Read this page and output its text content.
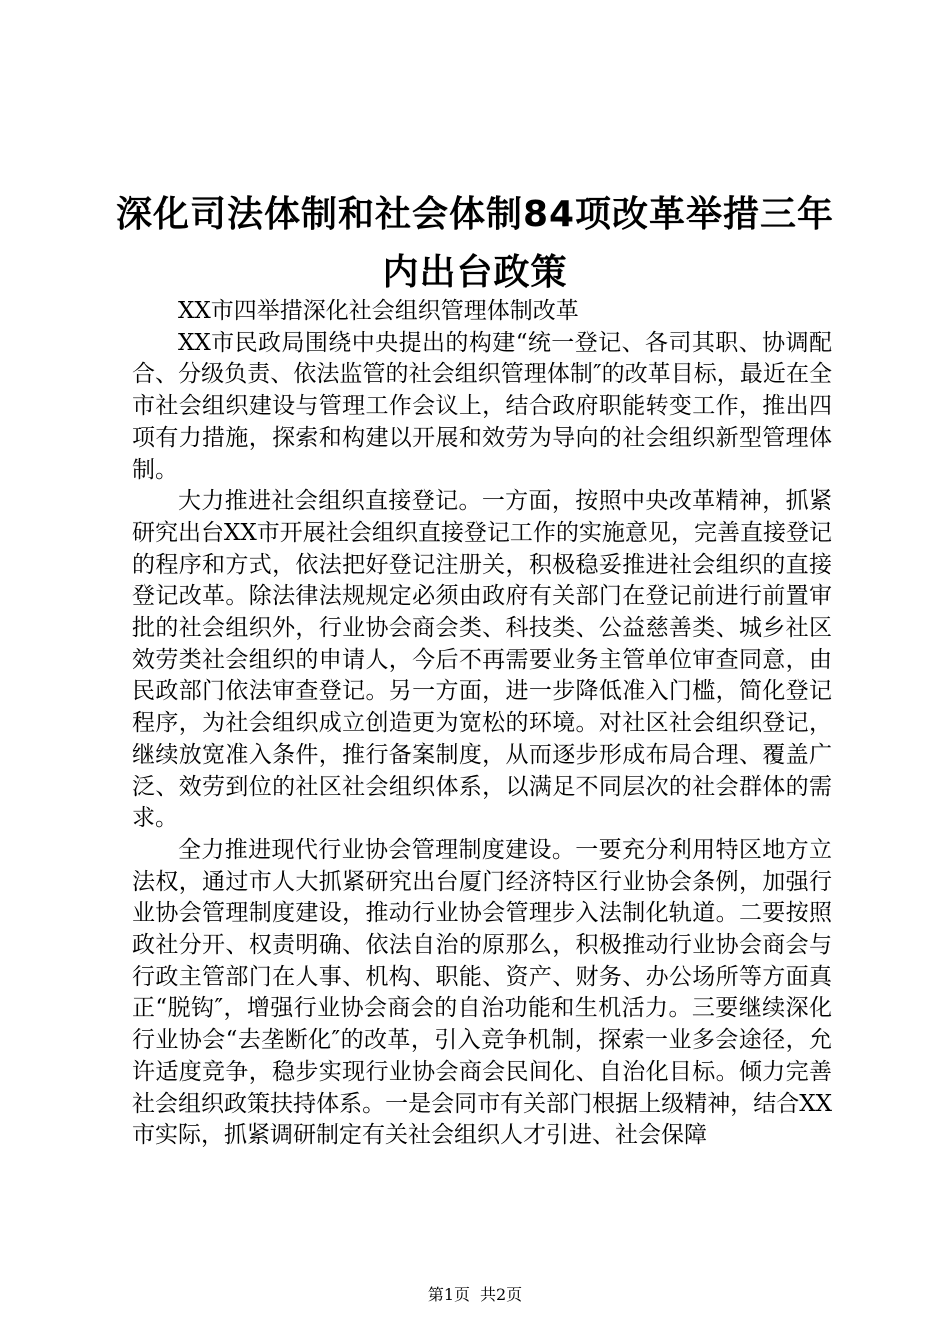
深化司法体制和社会体制84项改革举措三年
内出台政策

XX市四举措深化社会组织管理体制改革

XX市民政局围绕中央提出的构建“统一登记、各司其职、协调配合、分级负责、依法监管的社会组织管理体制″的改革目标，最近在全市社会组织建设与管理工作会议上，结合政府职能转变工作，推出四项有力措施，探索和构建以开展和效劳为导向的社会组织新型管理体制。

大力推进社会组织直接登记。一方面，按照中央改革精神，抓紧研究出台XX市开展社会组织直接登记工作的实施意见，完善直接登记的程序和方式，依法把好登记注册关，积极稳妥推进社会组织的直接登记改革。除法律法规规定必须由政府有关部门在登记前进行前置审批的社会组织外，行业协会商会类、科技类、公益慈善类、城乡社区效劳类社会组织的申请人，今后不再需要业务主管单位审查同意，由民政部门依法审查登记。另一方面，进一步降低准入门槛，简化登记程序，为社会组织成立创造更为宽松的环境。对社区社会组织登记，继续放宽准入条件，推行备案制度，从而逐步形成布局合理、覆盖广泛、效劳到位的社区社会组织体系，以满足不同层次的社会群体的需求。

全力推进现代行业协会管理制度建设。一要充分利用特区地方立法权，通过市人大抓紧研究出台厦门经济特区行业协会条例，加强行业协会管理制度建设，推动行业协会管理步入法制化轨道。二要按照政社分开、权责明确、依法自治的原那么，积极推动行业协会商会与行政主管部门在人事、机构、职能、资产、财务、办公场所等方面真正“脱钩″，增强行业协会商会的自治功能和生机活力。三要继续深化行业协会“去垄断化″的改革，引入竞争机制，探索一业多会途径，允许适度竞争，稳步实现行业协会商会民间化、自治化目标。倾力完善社会组织政策扶持体系。一是会同市有关部门根据上级精神，结合XX市实际，抓紧调研制定有关社会组织人才引进、社会保障

第1页 共2页
